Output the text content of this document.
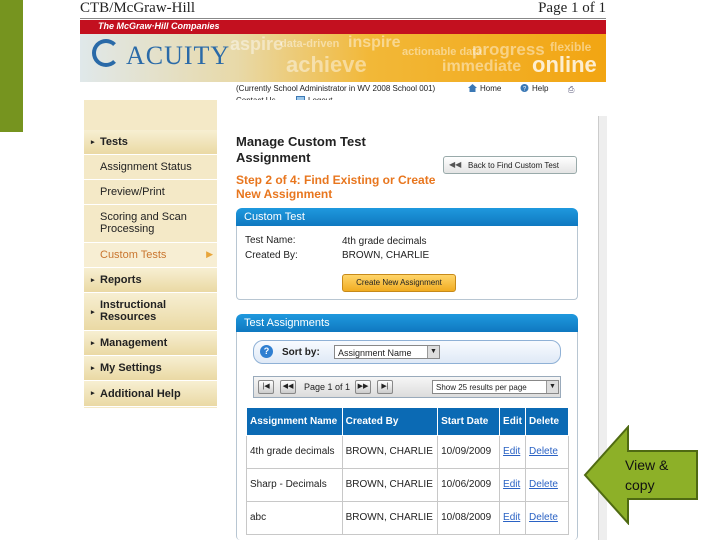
CTB/McGraw-Hill	Page 1 of 1
The McGraw·Hill Companies
aspire
data-driven inspire
achieve	actionable data
progress flexible
immediate online
ACUITY
(Currently School Administrator in WV 2008 School 001)	Home	? Help ⎙
▸ Tests
Assignment Status
Preview/Print
Scoring and Scan Processing
Custom Tests	▶
▸ Reports
▸
Instructional Resources
▸ Management
▸ My Settings
▸ Additional Help
Manage Custom Test Assignment	◀◀ Back to Find Custom Test
Step 2 of 4: Find Existing or Create New Assignment
Custom Test
Test Name:	4th grade decimals
Created By:	BROWN, CHARLIE
Create New Assignment
Test Assignments
?	Sort by: Assignment Name	▼
|◀	◀◀ Page 1 of 1	▶▶	▶|	Show 25 results per page	▼
Assignment Name	Created By	Start Date	Edit	Delete
4th grade decimals	BROWN, CHARLIE	10/09/2009	Edit	Delete
Sharp - Decimals	BROWN, CHARLIE	10/06/2009	Edit	Delete
abc	BROWN, CHARLIE	10/08/2009	Edit	Delete
View &
copy
